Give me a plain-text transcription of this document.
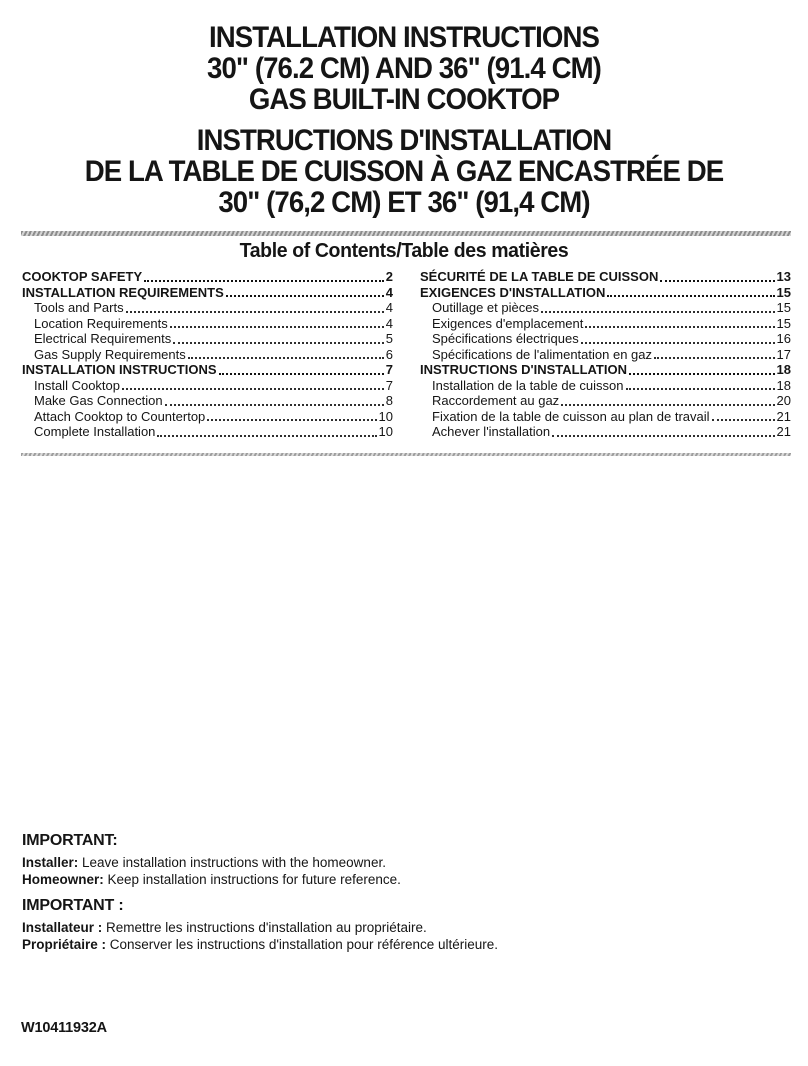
INSTALLATION INSTRUCTIONS
30" (76.2 CM) AND 36" (91.4 CM)
GAS BUILT-IN COOKTOP
INSTRUCTIONS D'INSTALLATION
DE LA TABLE DE CUISSON À GAZ ENCASTRÉE DE
30" (76,2 CM) ET 36" (91,4 CM)
Table of Contents/Table des matières
COOKTOP SAFETY	2
INSTALLATION REQUIREMENTS	4
Tools and Parts	4
Location Requirements	4
Electrical Requirements	5
Gas Supply Requirements	6
INSTALLATION INSTRUCTIONS	7
Install Cooktop	7
Make Gas Connection	8
Attach Cooktop to Countertop	10
Complete Installation	10
SÉCURITÉ DE LA TABLE DE CUISSON	13
EXIGENCES D'INSTALLATION	15
Outillage et pièces	15
Exigences d'emplacement	15
Spécifications électriques	16
Spécifications de l'alimentation en gaz	17
INSTRUCTIONS D'INSTALLATION	18
Installation de la table de cuisson	18
Raccordement au gaz	20
Fixation de la table de cuisson au plan de travail	21
Achever l'installation	21
IMPORTANT:
Installer: Leave installation instructions with the homeowner.
Homeowner: Keep installation instructions for future reference.
IMPORTANT :
Installateur : Remettre les instructions d'installation au propriétaire.
Propriétaire : Conserver les instructions d'installation pour référence ultérieure.
W10411932A
